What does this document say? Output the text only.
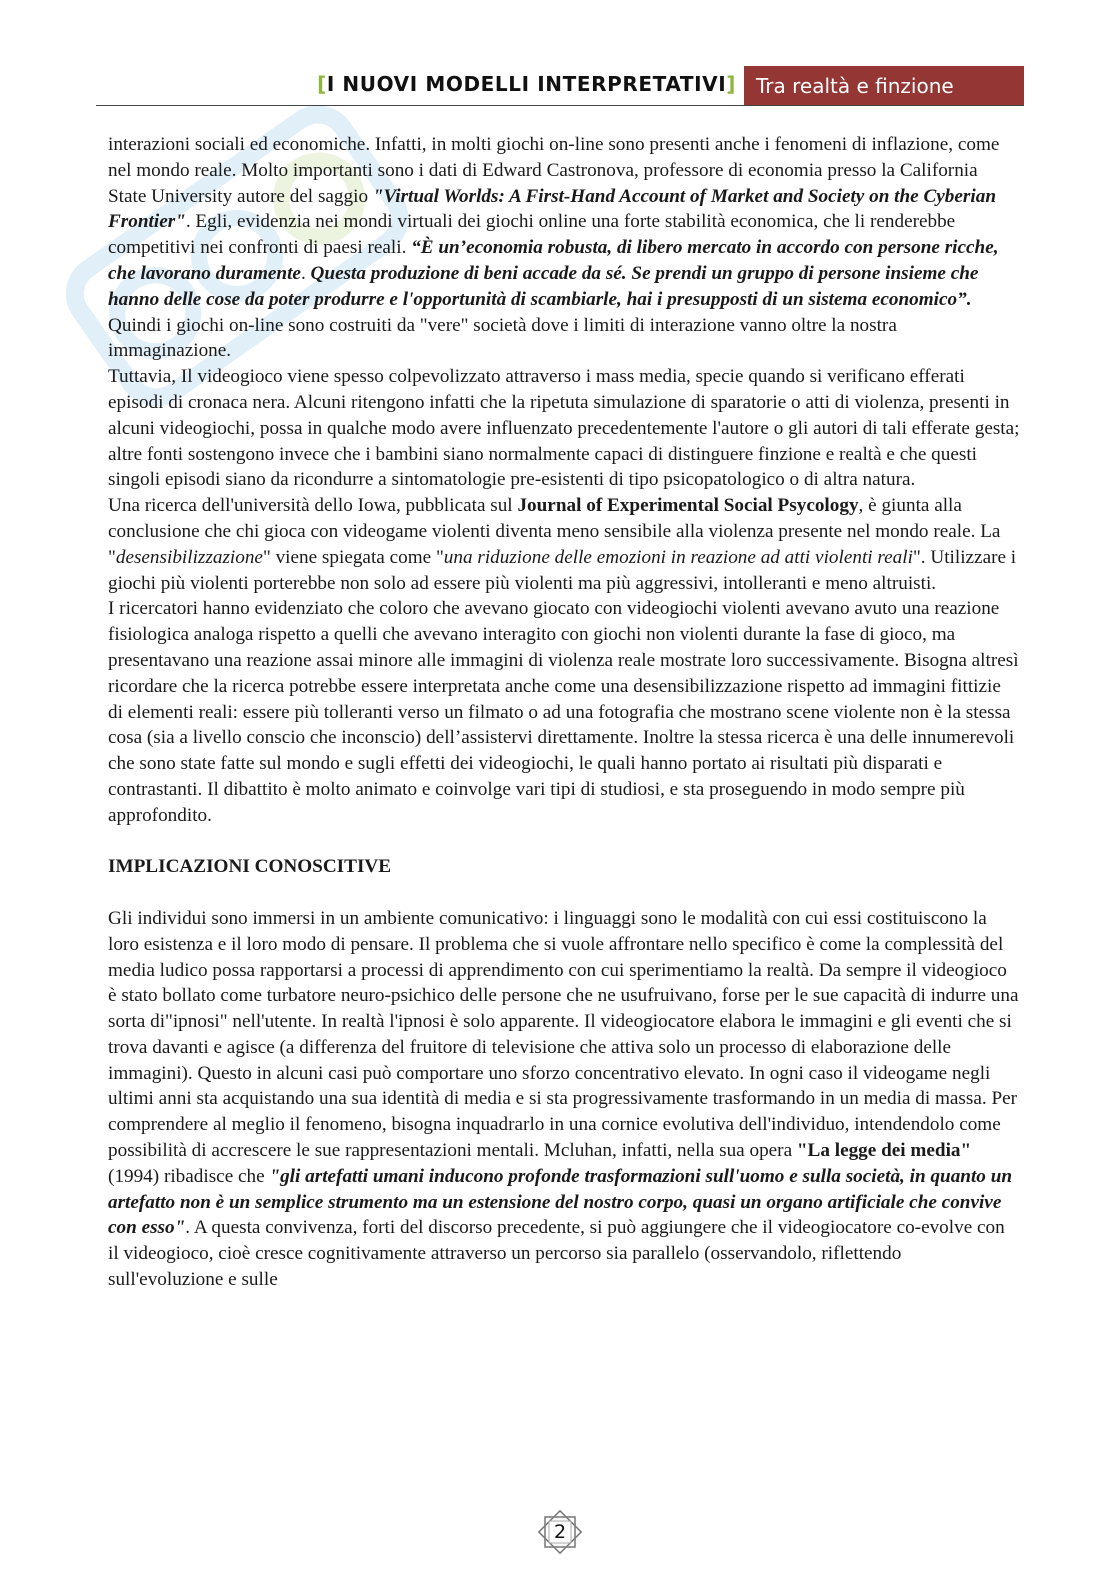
[I NUOVI MODELLI INTERPRETATIVI]	Tra realtà e finzione

interazioni sociali ed economiche. Infatti, in molti giochi on-line sono presenti anche i fenomeni di inflazione, come nel mondo reale. Molto importanti sono i dati di Edward Castronova, professore di economia presso la California State University autore del saggio "Virtual Worlds: A First-Hand Account of Market and Society on the Cyberian Frontier". Egli, evidenzia nei mondi virtuali dei giochi online una forte stabilità economica, che li renderebbe competitivi nei confronti di paesi reali. “È un’economia robusta, di libero mercato in accordo con persone ricche, che lavorano duramente. Questa produzione di beni accade da sé. Se prendi un gruppo di persone insieme che hanno delle cose da poter produrre e l'opportunità di scambiarle, hai i presupposti di un sistema economico”. Quindi i giochi on-line sono costruiti da "vere" società dove i limiti di interazione vanno oltre la nostra immaginazione.

Tuttavia, Il videogioco viene spesso colpevolizzato attraverso i mass media, specie quando si verificano efferati episodi di cronaca nera. Alcuni ritengono infatti che la ripetuta simulazione di sparatorie o atti di violenza, presenti in alcuni videogiochi, possa in qualche modo avere influenzato precedentemente l'autore o gli autori di tali efferate gesta; altre fonti sostengono invece che i bambini siano normalmente capaci di distinguere finzione e realtà e che questi singoli episodi siano da ricondurre a sintomatologie pre-esistenti di tipo psicopatologico o di altra natura.

Una ricerca dell'università dello Iowa, pubblicata sul Journal of Experimental Social Psycology, è giunta alla conclusione che chi gioca con videogame violenti diventa meno sensibile alla violenza presente nel mondo reale. La "desensibilizzazione" viene spiegata come "una riduzione delle emozioni in reazione ad atti violenti reali". Utilizzare i giochi più violenti porterebbe non solo ad essere più violenti ma più aggressivi, intolleranti e meno altruisti.

I ricercatori hanno evidenziato che coloro che avevano giocato con videogiochi violenti avevano avuto una reazione fisiologica analoga rispetto a quelli che avevano interagito con giochi non violenti durante la fase di gioco, ma presentavano una reazione assai minore alle immagini di violenza reale mostrate loro successivamente. Bisogna altresì ricordare che la ricerca potrebbe essere interpretata anche come una desensibilizzazione rispetto ad immagini fittizie di elementi reali: essere più tolleranti verso un filmato o ad una fotografia che mostrano scene violente non è la stessa cosa (sia a livello conscio che inconscio) dell’assistervi direttamente. Inoltre la stessa ricerca è una delle innumerevoli che sono state fatte sul mondo e sugli effetti dei videogiochi, le quali hanno portato ai risultati più disparati e contrastanti. Il dibattito è molto animato e coinvolge vari tipi di studiosi, e sta proseguendo in modo sempre più approfondito.

IMPLICAZIONI CONOSCITIVE

Gli individui sono immersi in un ambiente comunicativo: i linguaggi sono le modalità con cui essi costituiscono la loro esistenza e il loro modo di pensare. Il problema che si vuole affrontare nello specifico è come la complessità del media ludico possa rapportarsi a processi di apprendimento con cui sperimentiamo la realtà. Da sempre il videogioco è stato bollato come turbatore neuro-psichico delle persone che ne usufruivano, forse per le sue capacità di indurre una sorta di"ipnosi" nell'utente. In realtà l'ipnosi è solo apparente. Il videogiocatore elabora le immagini e gli eventi che si trova davanti e agisce (a differenza del fruitore di televisione che attiva solo un processo di elaborazione delle immagini). Questo in alcuni casi può comportare uno sforzo concentrativo elevato. In ogni caso il videogame negli ultimi anni sta acquistando una sua identità di media e si sta progressivamente trasformando in un media di massa. Per comprendere al meglio il fenomeno, bisogna inquadrarlo in una cornice evolutiva dell'individuo, intendendolo come possibilità di accrescere le sue rappresentazioni mentali. Mcluhan, infatti, nella sua opera "La legge dei media" (1994) ribadisce che "gli artefatti umani inducono profonde trasformazioni sull'uomo e sulla società, in quanto un artefatto non è un semplice strumento ma un estensione del nostro corpo, quasi un organo artificiale che convive con esso". A questa convivenza, forti del discorso precedente, si può aggiungere che il videogiocatore co-evolve con il videogioco, cioè cresce cognitivamente attraverso un percorso sia parallelo (osservandolo, riflettendo sull'evoluzione e sulle

2
